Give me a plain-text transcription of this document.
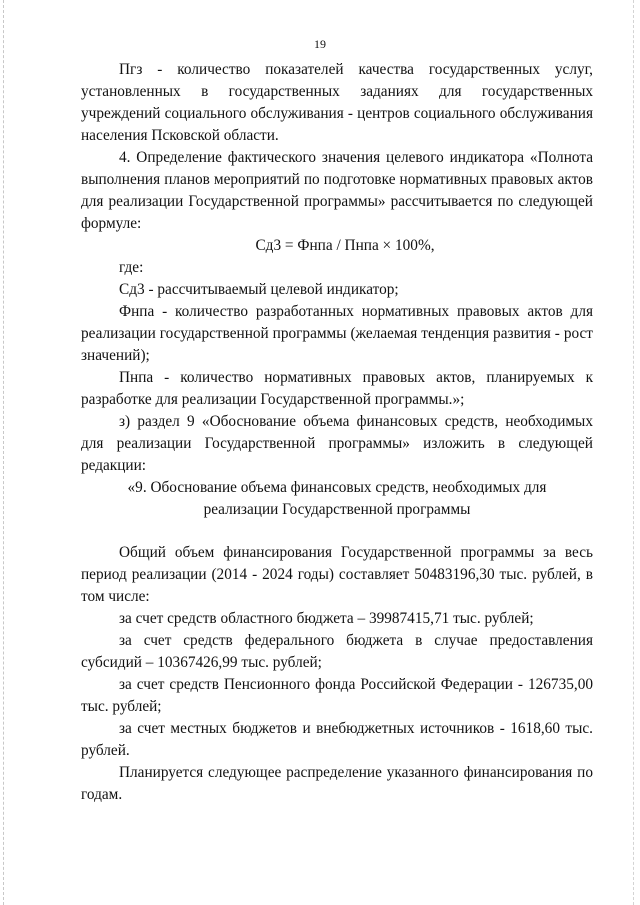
19

Пгз - количество показателей качества государственных услуг, установленных в государственных заданиях для государственных учреждений социального обслуживания - центров социального обслуживания населения Псковской области.

4. Определение фактического значения целевого индикатора «Полнота выполнения планов мероприятий по подготовке нормативных правовых актов для реализации Государственной программы» рассчитывается по следующей формуле:

Сд3 = Фнпа / Пнпа × 100%,

где:

Сд3 - рассчитываемый целевой индикатор;

Фнпа - количество разработанных нормативных правовых актов для реализации государственной программы (желаемая тенденция развития - рост значений);

Пнпа - количество нормативных правовых актов, планируемых к разработке для реализации Государственной программы.»;

з) раздел 9 «Обоснование объема финансовых средств, необходимых для реализации Государственной программы» изложить в следующей редакции:

«9. Обоснование объема финансовых средств, необходимых для

реализации Государственной программы

Общий объем финансирования Государственной программы за весь период реализации (2014 - 2024 годы) составляет 50483196,30 тыс. рублей, в том числе:

за счет средств областного бюджета – 39987415,71 тыс. рублей;

за счет средств федерального бюджета в случае предоставления субсидий – 10367426,99 тыс. рублей;

за счет средств Пенсионного фонда Российской Федерации - 126735,00 тыс. рублей;

за счет местных бюджетов и внебюджетных источников - 1618,60 тыс. рублей.

Планируется следующее распределение указанного финансирования по годам.
